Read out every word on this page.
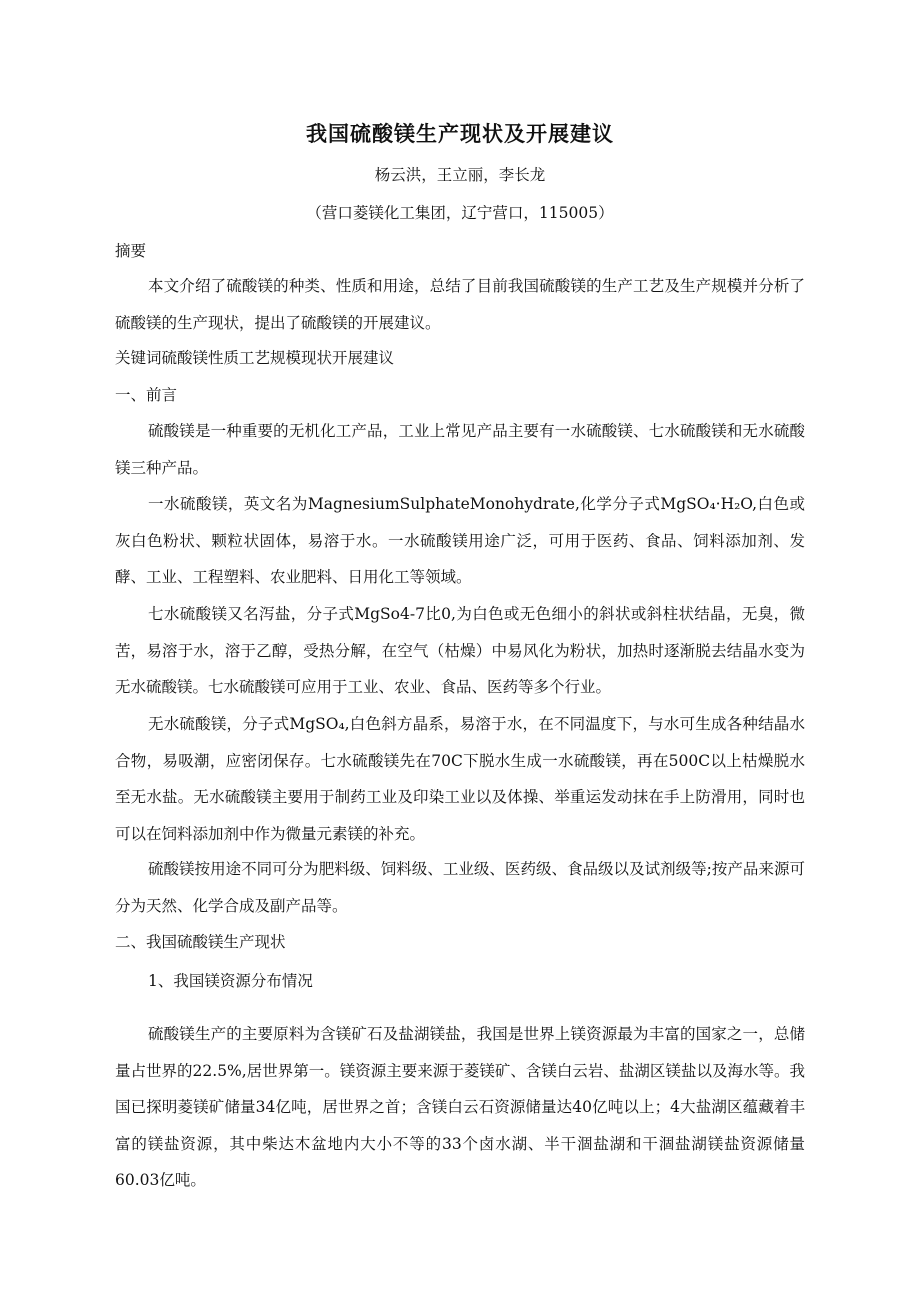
我国硫酸镁生产现状及开展建议

杨云洪，王立丽，李长龙

（营口菱镁化工集团，辽宁营口，115005）

摘要

本文介绍了硫酸镁的种类、性质和用途，总结了目前我国硫酸镁的生产工艺及生产规模并分析了硫酸镁的生产现状，提出了硫酸镁的开展建议。

关键词硫酸镁性质工艺规模现状开展建议

一、前言

硫酸镁是一种重要的无机化工产品，工业上常见产品主要有一水硫酸镁、七水硫酸镁和无水硫酸镁三种产品。

一水硫酸镁，英文名为MagnesiumSulphateMonohydrate,化学分子式MgSO₄·H₂O,白色或灰白色粉状、颗粒状固体，易溶于水。一水硫酸镁用途广泛，可用于医药、食品、饲料添加剂、发酵、工业、工程塑料、农业肥料、日用化工等领域。

七水硫酸镁又名泻盐，分子式MgSo4-7比0,为白色或无色细小的斜状或斜柱状结晶，无臭，微苦，易溶于水，溶于乙醇，受热分解，在空气（枯燥）中易风化为粉状，加热时逐渐脱去结晶水变为无水硫酸镁。七水硫酸镁可应用于工业、农业、食品、医药等多个行业。

无水硫酸镁，分子式MgSO₄,白色斜方晶系，易溶于水，在不同温度下，与水可生成各种结晶水合物，易吸潮，应密闭保存。七水硫酸镁先在70C下脱水生成一水硫酸镁，再在500C以上枯燥脱水至无水盐。无水硫酸镁主要用于制药工业及印染工业以及体操、举重运发动抹在手上防滑用，同时也可以在饲料添加剂中作为微量元素镁的补充。

硫酸镁按用途不同可分为肥料级、饲料级、工业级、医药级、食品级以及试剂级等;按产品来源可分为天然、化学合成及副产品等。

二、我国硫酸镁生产现状

1、我国镁资源分布情况

硫酸镁生产的主要原料为含镁矿石及盐湖镁盐，我国是世界上镁资源最为丰富的国家之一，总储量占世界的22.5%,居世界第一。镁资源主要来源于菱镁矿、含镁白云岩、盐湖区镁盐以及海水等。我国已探明菱镁矿储量34亿吨，居世界之首；含镁白云石资源储量达40亿吨以上；4大盐湖区蕴藏着丰富的镁盐资源，其中柴达木盆地内大小不等的33个卤水湖、半干涸盐湖和干涸盐湖镁盐资源储量60.03亿吨。
